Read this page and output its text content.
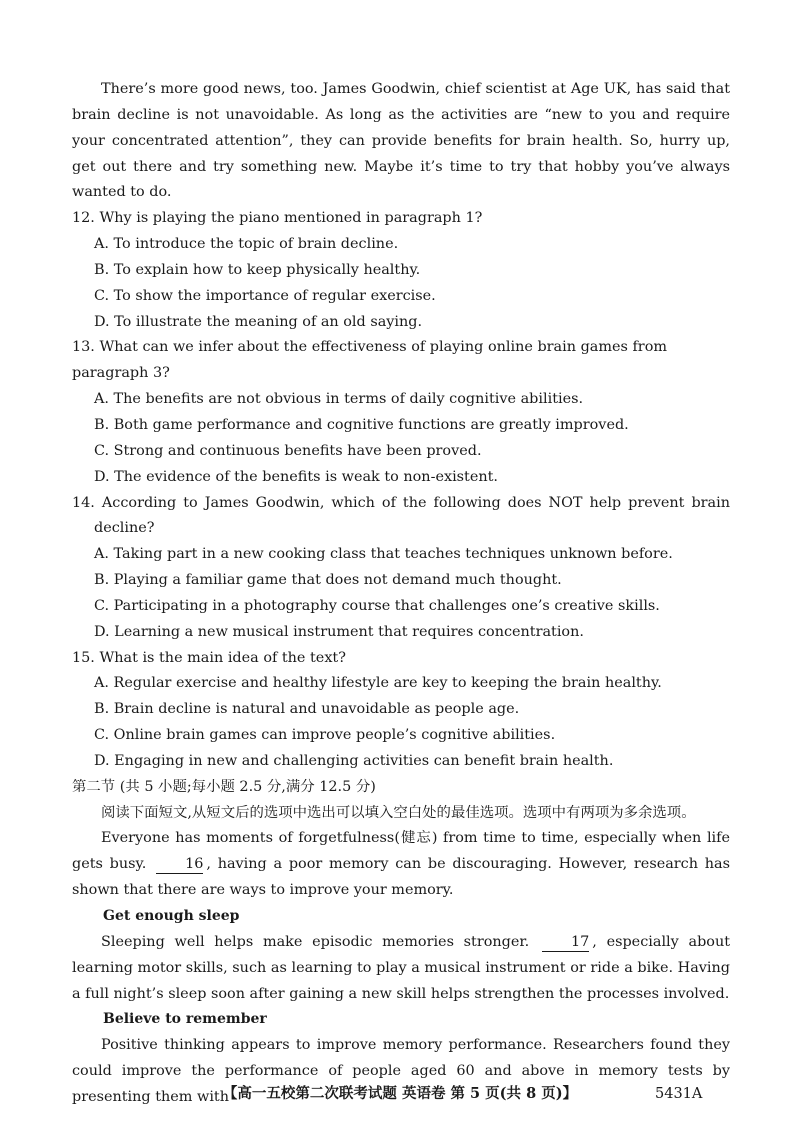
There’s more good news, too. James Goodwin, chief scientist at Age UK, has said that brain decline is not unavoidable. As long as the activities are “new to you and require your concentrated attention”, they can provide benefits for brain health. So, hurry up, get out there and try something new. Maybe it’s time to try that hobby you’ve always wanted to do.

12. Why is playing the piano mentioned in paragraph 1?

A. To introduce the topic of brain decline.

B. To explain how to keep physically healthy.

C. To show the importance of regular exercise.

D. To illustrate the meaning of an old saying.

13. What can we infer about the effectiveness of playing online brain games from paragraph 3?

A. The benefits are not obvious in terms of daily cognitive abilities.

B. Both game performance and cognitive functions are greatly improved.

C. Strong and continuous benefits have been proved.

D. The evidence of the benefits is weak to non-existent.

14. According to James Goodwin, which of the following does NOT help prevent brain decline?

A. Taking part in a new cooking class that teaches techniques unknown before.

B. Playing a familiar game that does not demand much thought.

C. Participating in a photography course that challenges one’s creative skills.

D. Learning a new musical instrument that requires concentration.

15. What is the main idea of the text?

A. Regular exercise and healthy lifestyle are key to keeping the brain healthy.

B. Brain decline is natural and unavoidable as people age.

C. Online brain games can improve people’s cognitive abilities.

D. Engaging in new and challenging activities can benefit brain health.

第二节 (共 5 小题;每小题 2.5 分,满分 12.5 分)

阅读下面短文,从短文后的选项中选出可以填入空白处的最佳选项。选项中有两项为多余选项。

Everyone has moments of forgetfulness(健忘) from time to time, especially when life gets busy.	16 , having a poor memory can be discouraging. However, research has shown that there are ways to improve your memory.

Get enough sleep

Sleeping well helps make episodic memories stronger.	17 , especially about learning motor skills, such as learning to play a musical instrument or ride a bike. Having a full night’s sleep soon after gaining a new skill helps strengthen the processes involved.

Believe to remember

Positive thinking appears to improve memory performance. Researchers found they could improve the performance of people aged 60 and above in memory tests by presenting them with

【高一五校第二次联考试题 英语卷 第 5 页(共 8 页)】	5431A
